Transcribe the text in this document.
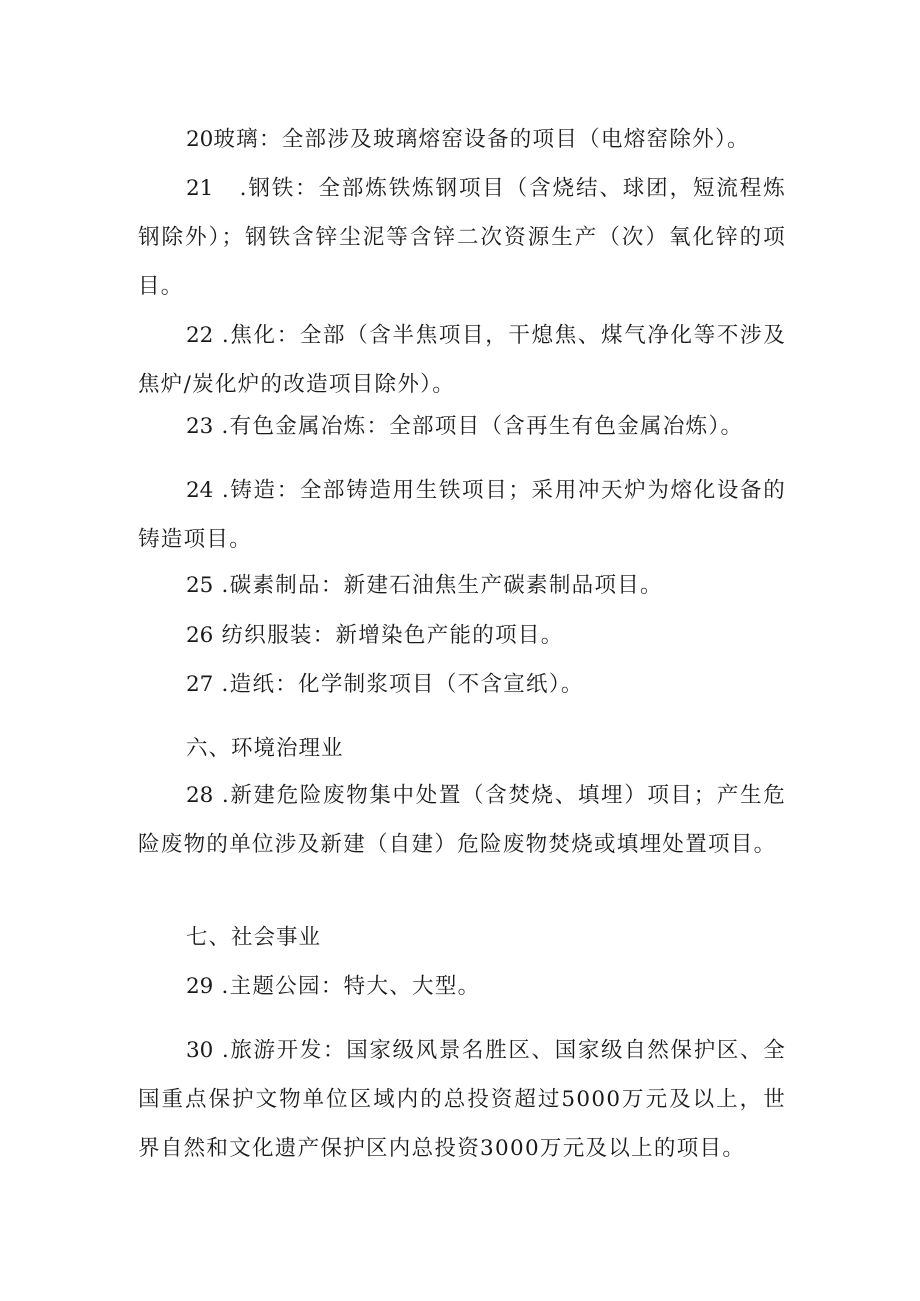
20玻璃：全部涉及玻璃熔窑设备的项目（电熔窑除外）。

21   .钢铁：全部炼铁炼钢项目（含烧结、球团，短流程炼钢除外）；钢铁含锌尘泥等含锌二次资源生产（次）氧化锌的项目。

22 .焦化：全部（含半焦项目，干熄焦、煤气净化等不涉及焦炉/炭化炉的改造项目除外）。

23 .有色金属冶炼：全部项目（含再生有色金属冶炼）。

24 .铸造：全部铸造用生铁项目；采用冲天炉为熔化设备的铸造项目。

25 .碳素制品：新建石油焦生产碳素制品项目。

26 纺织服装：新增染色产能的项目。

27 .造纸：化学制浆项目（不含宣纸）。

六、环境治理业

28 .新建危险废物集中处置（含焚烧、填埋）项目；产生危险废物的单位涉及新建（自建）危险废物焚烧或填埋处置项目。

七、社会事业

29 .主题公园：特大、大型。

30 .旅游开发：国家级风景名胜区、国家级自然保护区、全国重点保护文物单位区域内的总投资超过5000万元及以上，世界自然和文化遗产保护区内总投资3000万元及以上的项目。
